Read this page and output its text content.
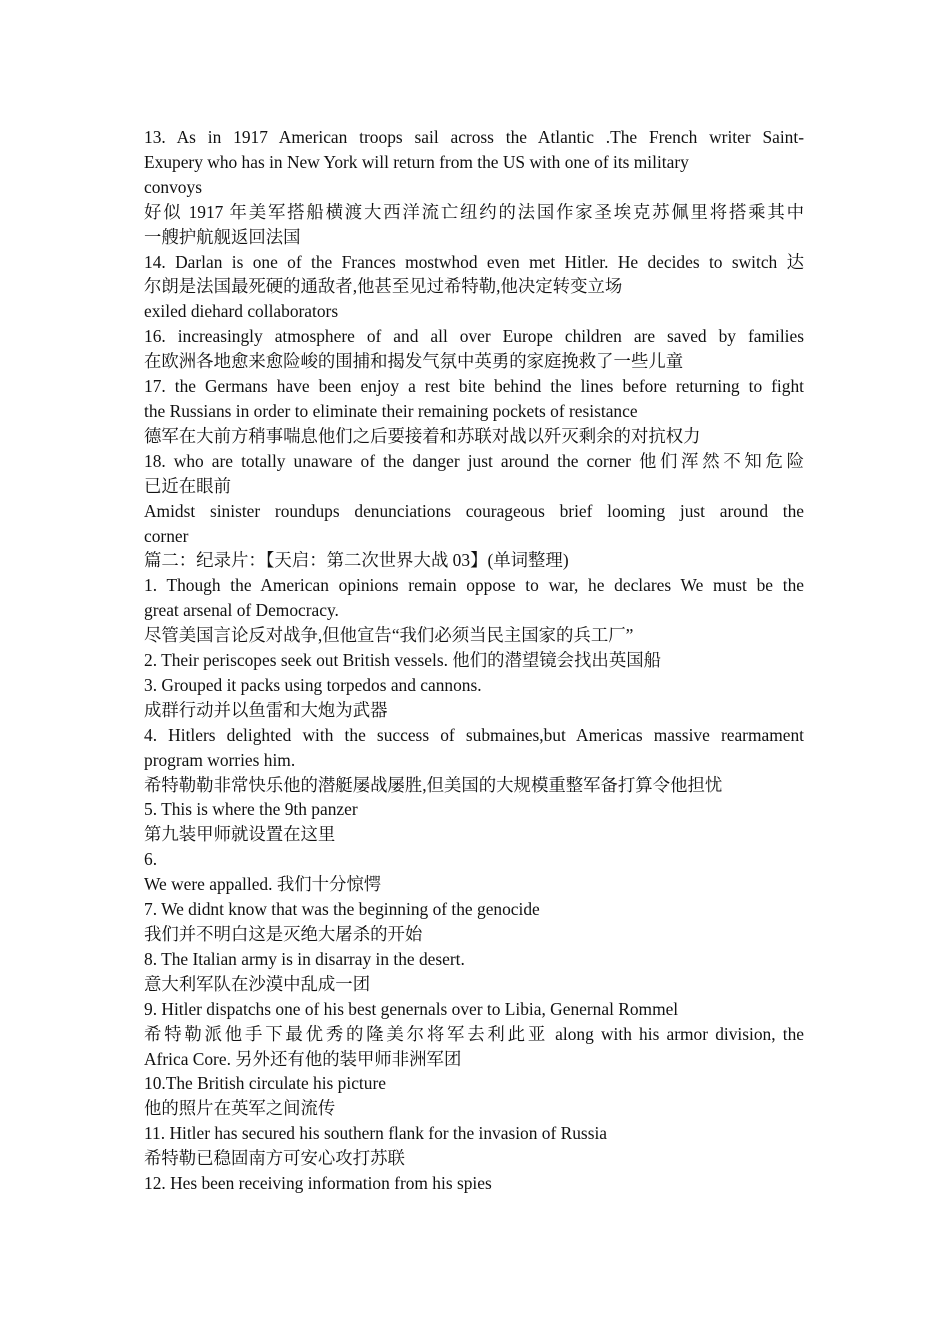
13. As in 1917 American troops sail across the Atlantic .The French writer Saint-
Exupery who has in New York will return from the US with one of its military
convoys
好似 1917 年美军搭船横渡大西洋流亡纽约的法国作家圣埃克苏佩里将搭乘其中
一艘护航舰返回法国
14. Darlan is one of the Frances mostwhod even met Hitler. He decides to switch 达
尔朗是法国最死硬的通敌者,他甚至见过希特勒,他决定转变立场
exiled diehard collaborators
16. increasingly atmosphere of and all over Europe children are saved by families
在欧洲各地愈来愈险峻的围捕和揭发气氛中英勇的家庭挽救了一些儿童
17. the Germans have been enjoy a rest bite behind the lines before returning to fight
the Russians in order to eliminate their remaining pockets of resistance
德军在大前方稍事喘息他们之后要接着和苏联对战以歼灭剩余的对抗权力
18. who are totally unaware of the danger just around the corner 他们浑然不知危险
已近在眼前
Amidst sinister roundups denunciations courageous brief looming just around the
corner
篇二：纪录片：【天启：第二次世界大战 03】(单词整理)
1. Though the American opinions remain oppose to war, he declares We must be the
great arsenal of Democracy.
尽管美国言论反对战争,但他宣告“我们必须当民主国家的兵工厂”
2. Their periscopes seek out British vessels. 他们的潜望镜会找出英国船
3. Grouped it packs using torpedos and cannons.
成群行动并以鱼雷和大炮为武器
4. Hitlers delighted with the success of submaines,but Americas massive rearmament
program worries him.
希特勒勒非常快乐他的潜艇屡战屡胜,但美国的大规模重整军备打算令他担忧
5. This is where the 9th panzer
第九装甲师就设置在这里
6.
We were appalled. 我们十分惊愕
7. We didnt know that was the beginning of the genocide
我们并不明白这是灭绝大屠杀的开始
8. The Italian army is in disarray in the desert.
意大利军队在沙漠中乱成一团
9. Hitler dispatchs one of his best genernals over to Libia, Genernal Rommel
希特勒派他手下最优秀的隆美尔将军去利此亚 along with his armor division, the
Africa Core. 另外还有他的装甲师非洲军团
10.The British circulate his picture
他的照片在英军之间流传
11. Hitler has secured his southern flank for the invasion of Russia
希特勒已稳固南方可安心攻打苏联
12. Hes been receiving information from his spies
